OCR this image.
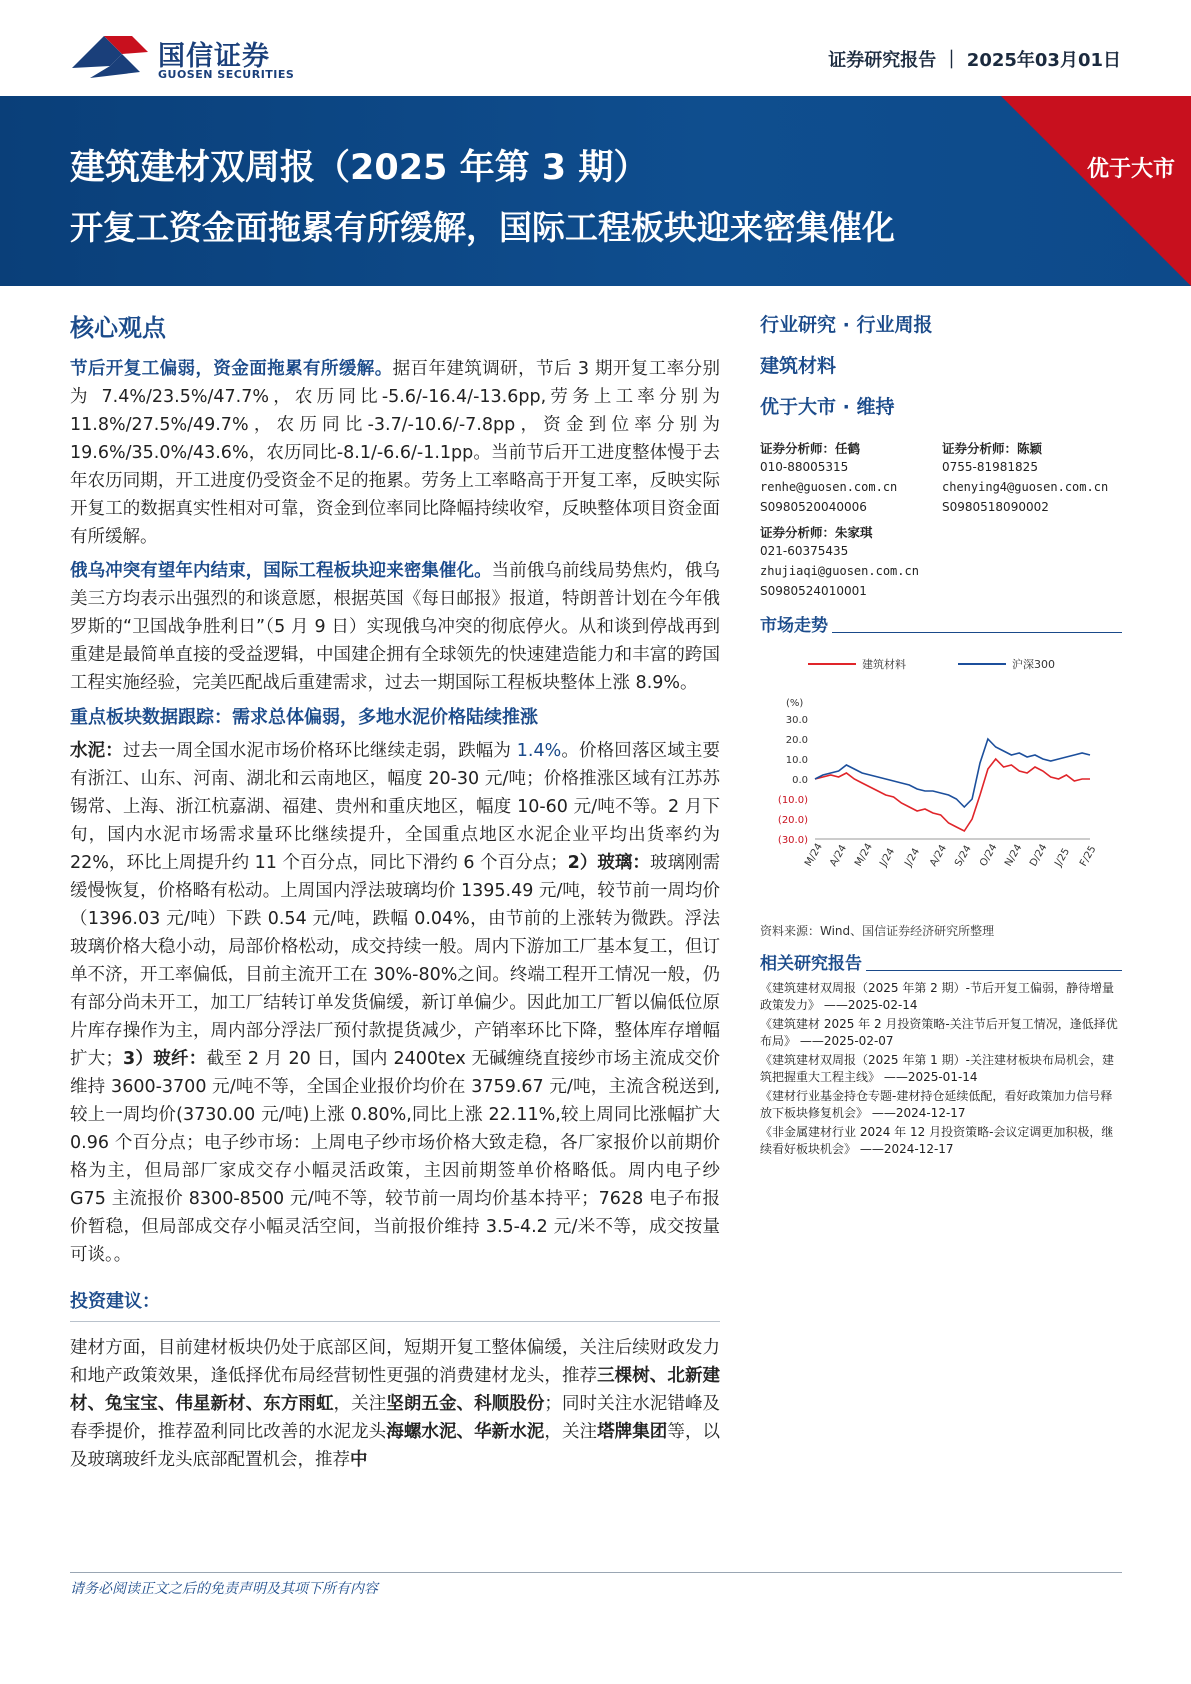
国信证券
GUOSEN SECURITIES
证券研究报告 ｜ 2025年03月01日
优于大市
建筑建材双周报（2025 年第 3 期）
开复工资金面拖累有所缓解，国际工程板块迎来密集催化
核心观点

节后开复工偏弱，资金面拖累有所缓解。据百年建筑调研，节后 3 期开复工率分别为 7.4%/23.5%/47.7%，农历同比-5.6/-16.4/-13.6pp,劳务上工率分别为 11.8%/27.5%/49.7%，农历同比-3.7/-10.6/-7.8pp，资金到位率分别为 19.6%/35.0%/43.6%，农历同比-8.1/-6.6/-1.1pp。当前节后开工进度整体慢于去年农历同期，开工进度仍受资金不足的拖累。劳务上工率略高于开复工率，反映实际开复工的数据真实性相对可靠，资金到位率同比降幅持续收窄，反映整体项目资金面有所缓解。

俄乌冲突有望年内结束，国际工程板块迎来密集催化。当前俄乌前线局势焦灼，俄乌美三方均表示出强烈的和谈意愿，根据英国《每日邮报》报道，特朗普计划在今年俄罗斯的“卫国战争胜利日”（5 月 9 日）实现俄乌冲突的彻底停火。从和谈到停战再到重建是最简单直接的受益逻辑，中国建企拥有全球领先的快速建造能力和丰富的跨国工程实施经验，完美匹配战后重建需求，过去一期国际工程板块整体上涨 8.9%。

重点板块数据跟踪：需求总体偏弱，多地水泥价格陆续推涨

水泥：过去一周全国水泥市场价格环比继续走弱，跌幅为 1.4%。价格回落区域主要有浙江、山东、河南、湖北和云南地区，幅度 20-30 元/吨；价格推涨区域有江苏苏锡常、上海、浙江杭嘉湖、福建、贵州和重庆地区，幅度 10-60 元/吨不等。2 月下旬，国内水泥市场需求量环比继续提升，全国重点地区水泥企业平均出货率约为 22%，环比上周提升约 11 个百分点，同比下滑约 6 个百分点；2）玻璃：玻璃刚需缓慢恢复，价格略有松动。上周国内浮法玻璃均价 1395.49 元/吨，较节前一周均价（1396.03 元/吨）下跌 0.54 元/吨，跌幅 0.04%，由节前的上涨转为微跌。浮法玻璃价格大稳小动，局部价格松动，成交持续一般。周内下游加工厂基本复工，但订单不济，开工率偏低，目前主流开工在 30%-80%之间。终端工程开工情况一般，仍有部分尚未开工，加工厂结转订单发货偏缓，新订单偏少。因此加工厂暂以偏低位原片库存操作为主，周内部分浮法厂预付款提货减少，产销率环比下降，整体库存增幅扩大；3）玻纤：截至 2 月 20 日，国内 2400tex 无碱缠绕直接纱市场主流成交价维持 3600-3700 元/吨不等，全国企业报价均价在 3759.67 元/吨，主流含税送到,较上一周均价(3730.00 元/吨)上涨 0.80%,同比上涨 22.11%,较上周同比涨幅扩大 0.96 个百分点；电子纱市场：上周电子纱市场价格大致走稳，各厂家报价以前期价格为主，但局部厂家成交存小幅灵活政策，主因前期签单价格略低。周内电子纱 G75 主流报价 8300-8500 元/吨不等，较节前一周均价基本持平；7628 电子布报价暂稳，但局部成交存小幅灵活空间，当前报价维持 3.5-4.2 元/米不等，成交按量可谈。。

投资建议：

建材方面，目前建材板块仍处于底部区间，短期开复工整体偏缓，关注后续财政发力和地产政策效果，逢低择优布局经营韧性更强的消费建材龙头，推荐三棵树、北新建材、兔宝宝、伟星新材、东方雨虹，关注坚朗五金、科顺股份；同时关注水泥错峰及春季提价，推荐盈利同比改善的水泥龙头海螺水泥、华新水泥，关注塔牌集团等，以及玻璃玻纤龙头底部配置机会，推荐中

行业研究 · 行业周报
建筑材料
优于大市 · 维持
证券分析师：任鹤
010-88005315
renhe@guosen.com.cn
S0980520040006
证券分析师：陈颖
0755-81981825
chenying4@guosen.com.cn
S0980518090002
证券分析师：朱家琪
021-60375435
zhujiaqi@guosen.com.cn
S0980524010001
市场走势
建筑材料	沪深300
(%)
30.0
20.0
10.0
0.0
(10.0)
(20.0)
(30.0)
M/24 A/24 M/24 J/24 J/24 A/24 S/24 O/24 N/24 D/24 J/25 F/25
资料来源：Wind、国信证券经济研究所整理
相关研究报告
《建筑建材双周报（2025 年第 2 期）-节后开复工偏弱，静待增量政策发力》 ——2025-02-14
《建筑建材 2025 年 2 月投资策略-关注节后开复工情况，逢低择优布局》 ——2025-02-07
《建筑建材双周报（2025 年第 1 期）-关注建材板块布局机会，建筑把握重大工程主线》 ——2025-01-14
《建材行业基金持仓专题-建材持仓延续低配，看好政策加力信号释放下板块修复机会》 ——2024-12-17
《非金属建材行业 2024 年 12 月投资策略-会议定调更加积极，继续看好板块机会》 ——2024-12-17
请务必阅读正文之后的免责声明及其项下所有内容
